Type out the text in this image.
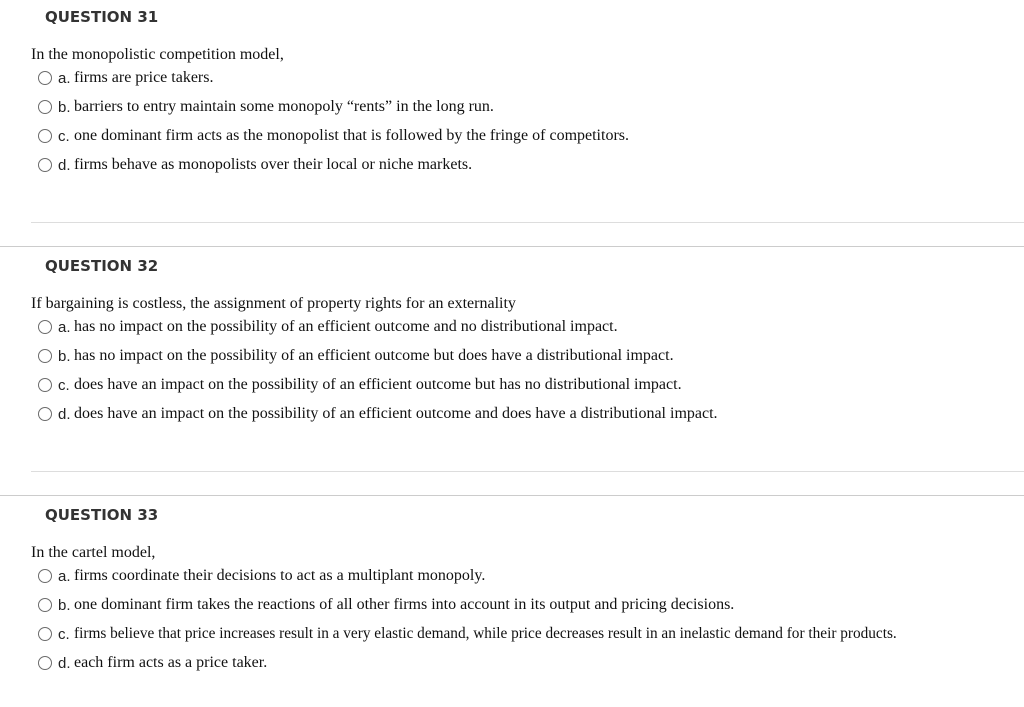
QUESTION 31
In the monopolistic competition model,
a. firms are price takers.
b. barriers to entry maintain some monopoly “rents” in the long run.
c. one dominant firm acts as the monopolist that is followed by the fringe of competitors.
d. firms behave as monopolists over their local or niche markets.
QUESTION 32
If bargaining is costless, the assignment of property rights for an externality
a. has no impact on the possibility of an efficient outcome and no distributional impact.
b. has no impact on the possibility of an efficient outcome but does have a distributional impact.
c. does have an impact on the possibility of an efficient outcome but has no distributional impact.
d. does have an impact on the possibility of an efficient outcome and does have a distributional impact.
QUESTION 33
In the cartel model,
a. firms coordinate their decisions to act as a multiplant monopoly.
b. one dominant firm takes the reactions of all other firms into account in its output and pricing decisions.
c. firms believe that price increases result in a very elastic demand, while price decreases result in an inelastic demand for their products.
d. each firm acts as a price taker.
